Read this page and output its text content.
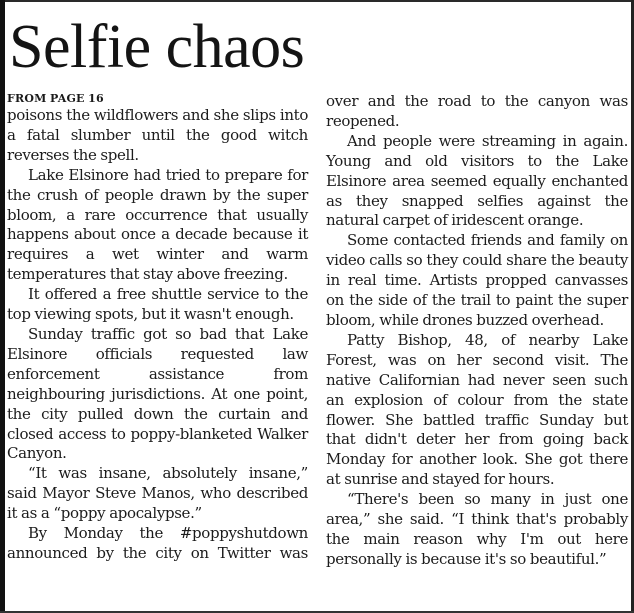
Selfie chaos
FROM PAGE 16

poisons the wildflowers and she slips into a fatal slumber until the good witch reverses the spell.

Lake Elsinore had tried to prepare for the crush of people drawn by the super bloom, a rare occurrence that usually happens about once a decade because it requires a wet winter and warm temperatures that stay above freezing.

It offered a free shuttle service to the top viewing spots, but it wasn't enough.

Sunday traffic got so bad that Lake Elsinore officials requested law enforcement assistance from neighbouring jurisdictions. At one point, the city pulled down the curtain and closed access to poppy-blanketed Walker Canyon.

“It was insane, absolutely insane,” said Mayor Steve Manos, who described it as a “poppy apocalypse.”

By Monday the #poppyshutdown announced by the city on Twitter was

over and the road to the canyon was reopened.

And people were streaming in again. Young and old visitors to the Lake Elsinore area seemed equally enchanted as they snapped selfies against the natural carpet of iridescent orange.

Some contacted friends and family on video calls so they could share the beauty in real time. Artists propped canvasses on the side of the trail to paint the super bloom, while drones buzzed overhead.

Patty Bishop, 48, of nearby Lake Forest, was on her second visit. The native Californian had never seen such an explosion of colour from the state flower. She battled traffic Sunday but that didn't deter her from going back Monday for another look. She got there at sunrise and stayed for hours.

“There's been so many in just one area,” she said. “I think that's probably the main reason why I'm out here personally is because it's so beautiful.”
